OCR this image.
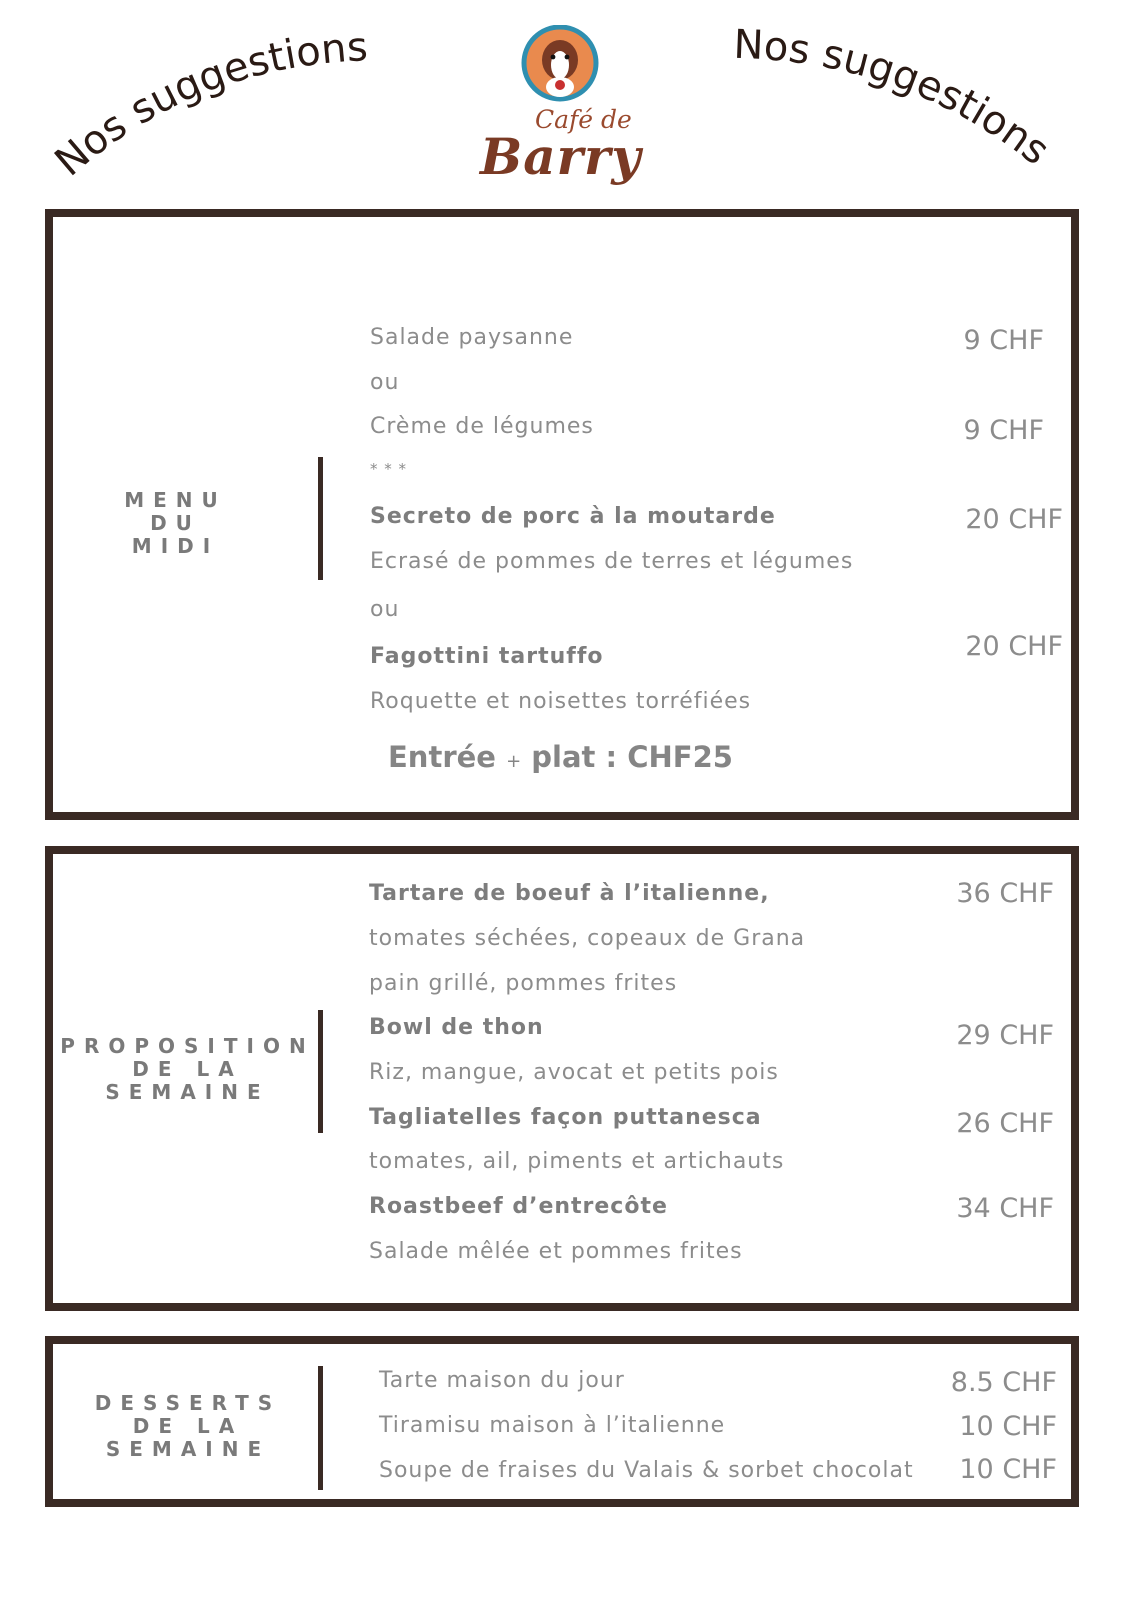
Nos suggestions	Nos suggestions
Café de
Barry
MENU
DU
MIDI
Salade paysanne	9 CHF
ou
Crème de légumes	9 CHF
* * *
Secreto de porc à la moutarde	20 CHF
Ecrasé de pommes de terres et légumes
ou
Fagottini tartuffo	20 CHF
Roquette et noisettes torréfiées
Entrée + plat : CHF25
PROPOSITION
DE LA
SEMAINE
Tartare de boeuf à l’italienne,	36 CHF
tomates séchées, copeaux de Grana
pain grillé, pommes frites
Bowl de thon	29 CHF
Riz, mangue, avocat et petits pois
Tagliatelles façon puttanesca	26 CHF
tomates, ail, piments et artichauts
Roastbeef d’entrecôte	34 CHF
Salade mêlée et pommes frites
DESSERTS
DE LA
SEMAINE
Tarte maison du jour	8.5 CHF
Tiramisu maison à l’italienne	10 CHF
Soupe de fraises du Valais & sorbet chocolat 10 CHF
